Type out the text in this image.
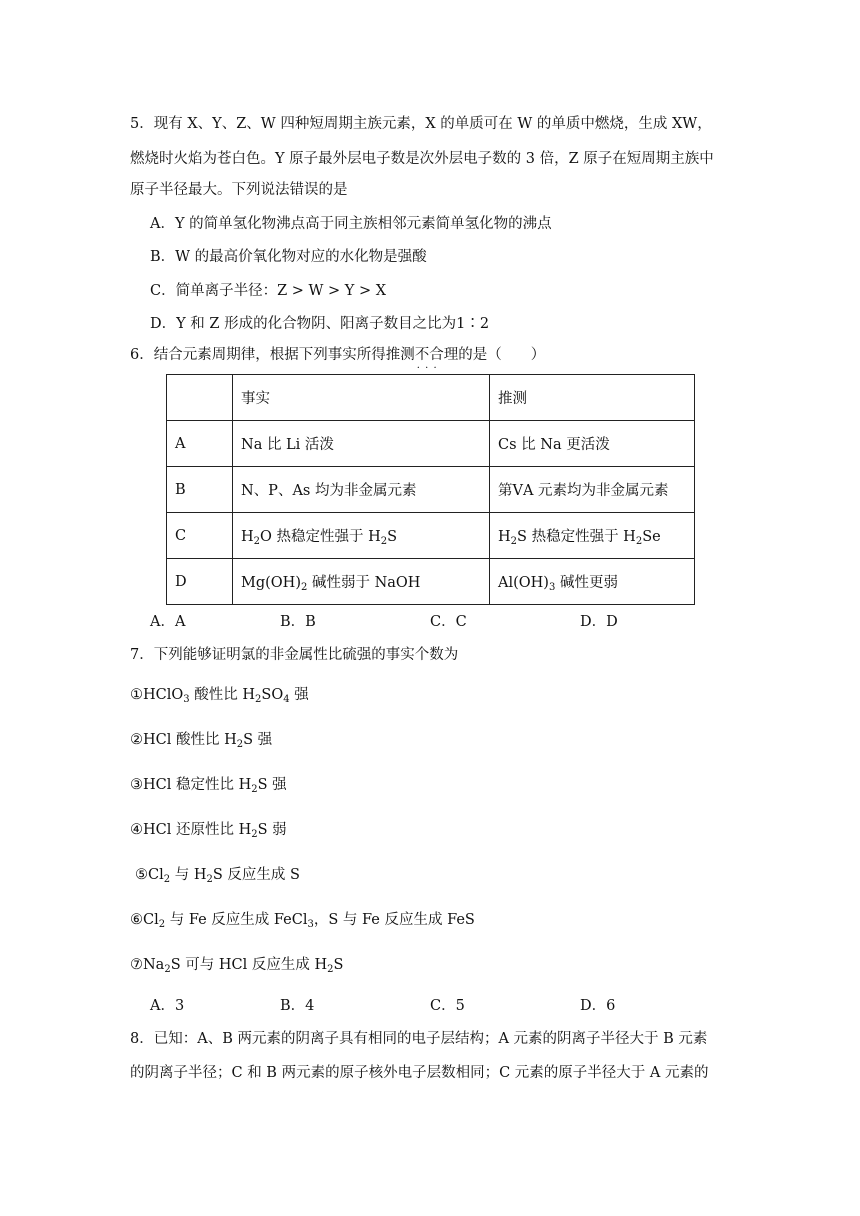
5．现有 X、Y、Z、W 四种短周期主族元素，X 的单质可在 W 的单质中燃烧，生成 XW，
燃烧时火焰为苍白色。Y 原子最外层电子数是次外层电子数的 3 倍，Z 原子在短周期主族中
原子半径最大。下列说法错误的是
A．Y 的简单氢化物沸点高于同主族相邻元素简单氢化物的沸点
B．W 的最高价氧化物对应的水化物是强酸
C．简单离子半径：Z > W > Y > X
D．Y 和 Z 形成的化合物阴、阳离子数目之比为1∶2
6．结合元素周期律，根据下列事实所得推测不合理 · · ·的是（　　）
	事实	推测
A	Na 比 Li 活泼	Cs 比 Na 更活泼
B	N、P、As 均为非金属元素	第ⅤA 元素均为非金属元素
C	$H_2O$ 热稳定性强于 $H_2S$	$H_2S$ 热稳定性强于 $H_2Se$
D	$Mg(OH)_2$ 碱性弱于 NaOH	$Al(OH)_3$ 碱性更弱
A．A	B．B	C．C	D．D
7．下列能够证明氯的非金属性比硫强的事实个数为
①HClO$_3$ 酸性比 $H_2SO_4$ 强
②HCl 酸性比 $H_2S$ 强
③HCl 稳定性比 $H_2S$ 强
④HCl 还原性比 $H_2S$ 弱
$⑤Cl_2$ 与 $H_2S$ 反应生成 S
$⑥Cl_2$ 与 Fe 反应生成 FeCl$_3$，S 与 Fe 反应生成 FeS
$⑦Na_2S$ 可与 HCl 反应生成 $H_2S$
A．3	B．4	C．5	D．6
8．已知：A、B 两元素的阴离子具有相同的电子层结构；A 元素的阴离子半径大于 B 元素
的阴离子半径；C 和 B 两元素的原子核外电子层数相同；C 元素的原子半径大于 A 元素的
